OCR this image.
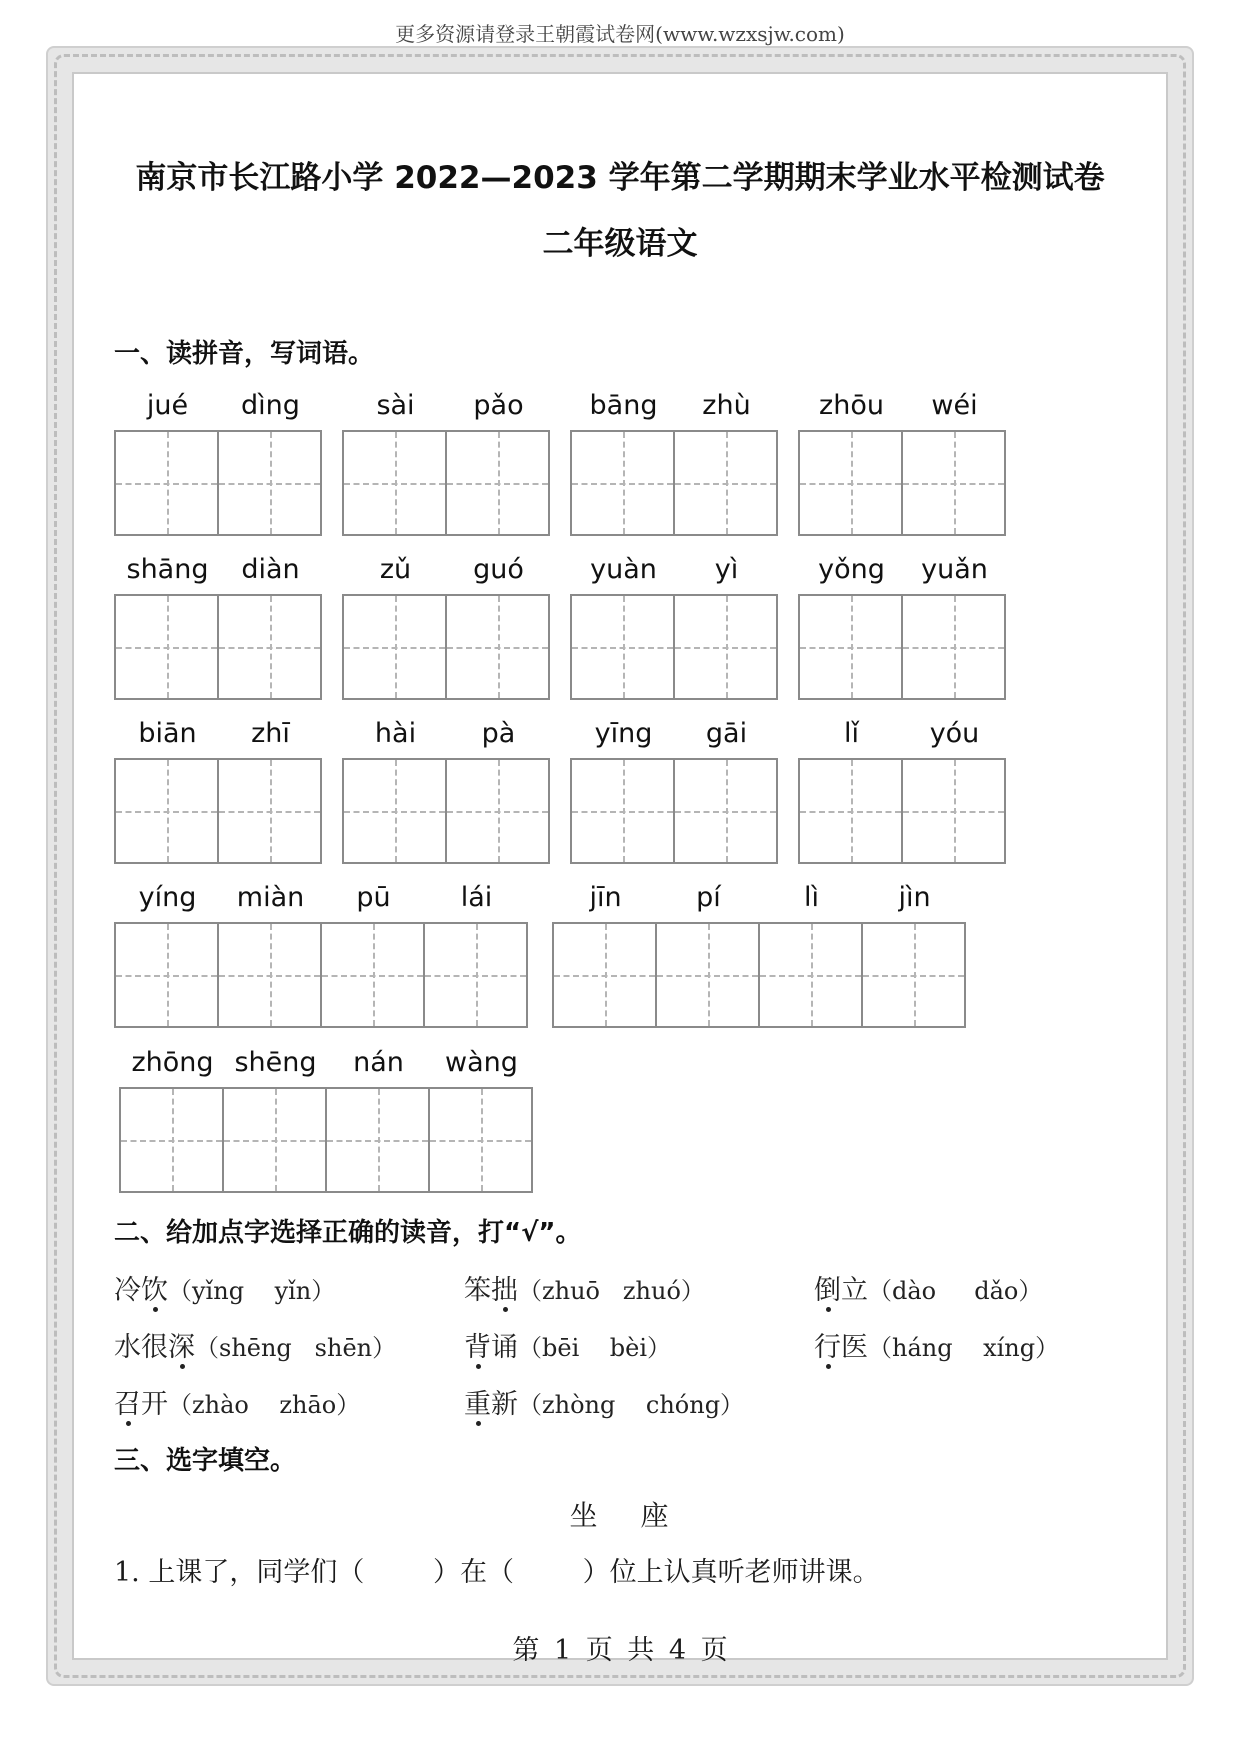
更多资源请登录王朝霞试卷网(www.wzxsjw.com)
南京市长江路小学 2022—2023 学年第二学期期末学业水平检测试卷
二年级语文
一、读拼音，写词语。
jué	dìng	sài	pǎo	bāng	zhù	zhōu	wéi
shāng	diàn	zǔ	guó	yuàn	yì	yǒng	yuǎn
biān	zhī	hài	pà	yīng	gāi	lǐ	yóu
yíng	miàn	pū	lái	jīn	pí	lì	jìn
zhōng shēng	nán	wàng
二、给加点字选择正确的读音，打“√”。
冷饮（yǐng    yǐn）	笨拙（zhuō   zhuó）	倒立（dào     dǎo）
水很深（shēng   shēn）	背诵（bēi    bèi）	行医（háng    xíng）
召开（zhào    zhāo）	重新（zhòng    chóng）
三、选字填空。
坐 座
1. 上课了，同学们（        ）在（        ）位上认真听老师讲课。
第 1 页 共 4 页
